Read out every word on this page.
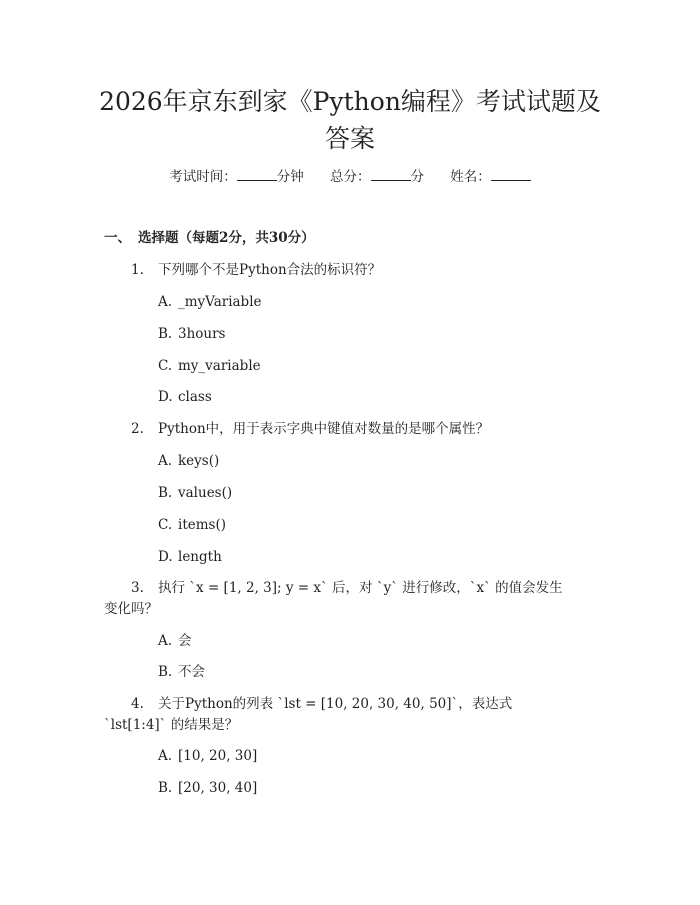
2026年京东到家《Python编程》考试试题及
答案
考试时间：	分钟 总分：	分 姓名：
一、 选择题（每题2分，共30分）
1. 下列哪个不是Python合法的标识符？
A. _myVariable
B. 3hours
C. my_variable
D. class
2. Python中，用于表示字典中键值对数量的是哪个属性？
A. keys()
B. values()
C. items()
D. length
3. 执行 `x = [1, 2, 3]; y = x` 后，对 `y` 进行修改，`x` 的值会发生
变化吗？
A. 会
B. 不会
4. 关于Python的列表 `lst = [10, 20, 30, 40, 50]`，表达式
`lst[1:4]` 的结果是？
A. [10, 20, 30]
B. [20, 30, 40]
